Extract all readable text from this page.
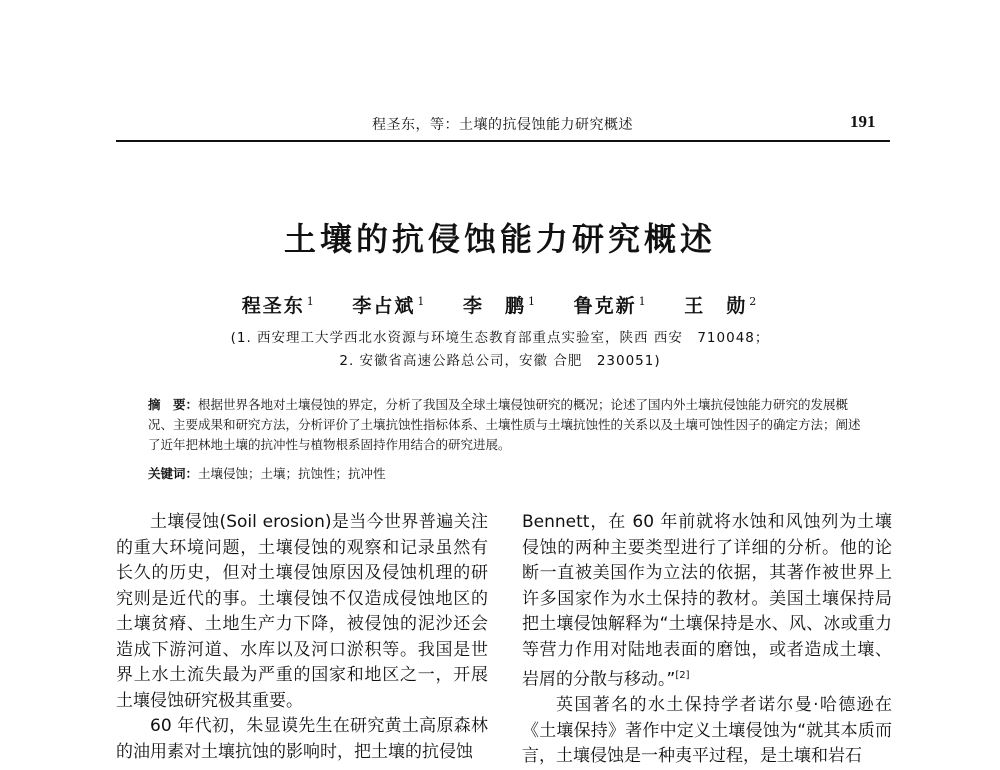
程圣东，等：土壤的抗侵蚀能力研究概述	191
土壤的抗侵蚀能力研究概述
程圣东 $^1$ 李占斌 $^1$ 李　鹏 $^1$ 鲁克新 $^1$ 王　勋 $^2$
(1. 西安理工大学西北水资源与环境生态教育部重点实验室，陕西 西安　710048；
2. 安徽省高速公路总公司，安徽 合肥　230051)
摘　要：根据世界各地对土壤侵蚀的界定，分析了我国及全球土壤侵蚀研究的概况；论述了国内外土壤抗侵蚀能力研究的发展概况、主要成果和研究方法，分析评价了土壤抗蚀性指标体系、土壤性质与土壤抗蚀性的关系以及土壤可蚀性因子的确定方法；阐述了近年把林地土壤的抗冲性与植物根系固持作用结合的研究进展。
关键词：土壤侵蚀；土壤；抗蚀性；抗冲性

土壤侵蚀(Soil erosion)是当今世界普遍关注的重大环境问题，土壤侵蚀的观察和记录虽然有长久的历史，但对土壤侵蚀原因及侵蚀机理的研究则是近代的事。土壤侵蚀不仅造成侵蚀地区的土壤贫瘠、土地生产力下降，被侵蚀的泥沙还会造成下游河道、水库以及河口淤积等。我国是世界上水土流失最为严重的国家和地区之一，开展土壤侵蚀研究极其重要。

60 年代初，朱显谟先生在研究黄土高原森林的油用素对土壤抗蚀的影响时，把土壤的抗侵蚀

Bennett，在 60 年前就将水蚀和风蚀列为土壤侵蚀的两种主要类型进行了详细的分析。他的论断一直被美国作为立法的依据，其著作被世界上许多国家作为水土保持的教材。美国土壤保持局把土壤侵蚀解释为“土壤保持是水、风、冰或重力等营力作用对陆地表面的磨蚀，或者造成土壤、岩屑的分散与移动。”[2]

英国著名的水土保持学者诺尔曼·哈德逊在《土壤保持》著作中定义土壤侵蚀为“就其本质而言，土壤侵蚀是一种夷平过程，是土壤和岩石
